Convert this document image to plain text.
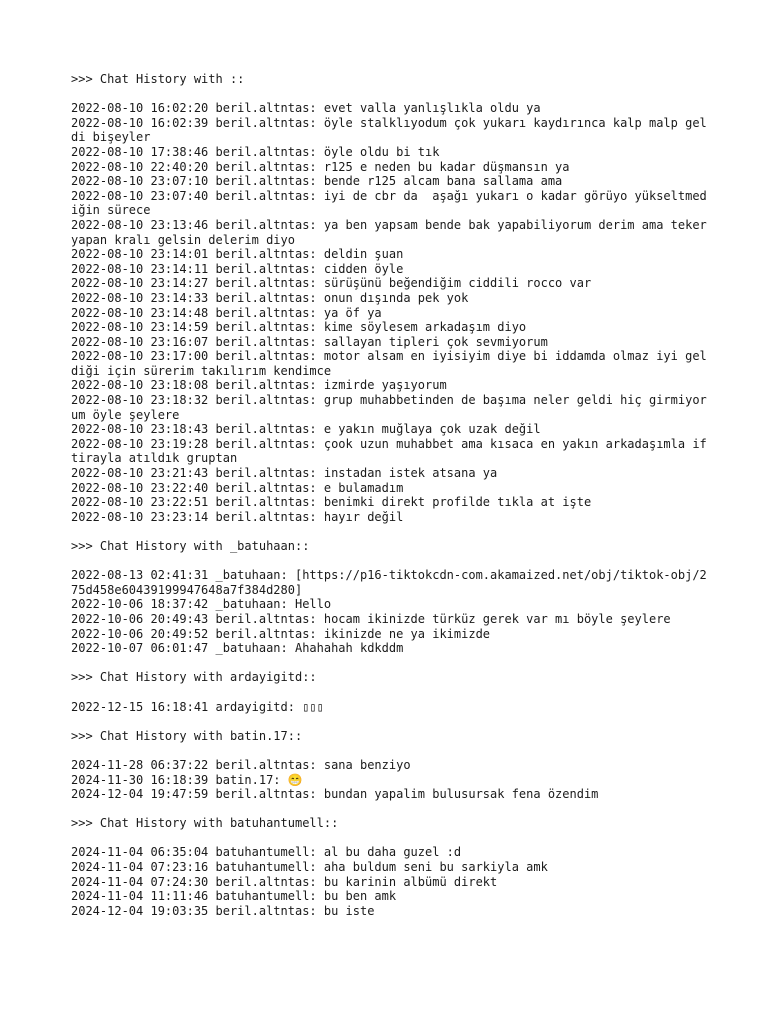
>>> Chat History with ::
2022-08-10 16:02:20 beril.altntas: evet valla yanlışlıkla oldu ya
2022-08-10 16:02:39 beril.altntas: öyle stalklıyodum çok yukarı kaydırınca kalp malp geldi bişeyler
2022-08-10 17:38:46 beril.altntas: öyle oldu bi tık
2022-08-10 22:40:20 beril.altntas: r125 e neden bu kadar düşmansın ya
2022-08-10 23:07:10 beril.altntas: bende r125 alcam bana sallama ama
2022-08-10 23:07:40 beril.altntas: iyi de cbr da  aşağı yukarı o kadar görüyo yükseltmediğin sürece
2022-08-10 23:13:46 beril.altntas: ya ben yapsam bende bak yapabiliyorum derim ama teker yapan kralı gelsin delerim diyo
2022-08-10 23:14:01 beril.altntas: deldin şuan
2022-08-10 23:14:11 beril.altntas: cidden öyle
2022-08-10 23:14:27 beril.altntas: sürüşünü beğendiğim ciddili rocco var
2022-08-10 23:14:33 beril.altntas: onun dışında pek yok
2022-08-10 23:14:48 beril.altntas: ya öf ya
2022-08-10 23:14:59 beril.altntas: kime söylesem arkadaşım diyo
2022-08-10 23:16:07 beril.altntas: sallayan tipleri çok sevmiyorum
2022-08-10 23:17:00 beril.altntas: motor alsam en iyisiyim diye bi iddamda olmaz iyi geldiği için sürerim takılırım kendimce
2022-08-10 23:18:08 beril.altntas: izmirde yaşıyorum
2022-08-10 23:18:32 beril.altntas: grup muhabbetinden de başıma neler geldi hiç girmiyorum öyle şeylere
2022-08-10 23:18:43 beril.altntas: e yakın muğlaya çok uzak değil
2022-08-10 23:19:28 beril.altntas: çook uzun muhabbet ama kısaca en yakın arkadaşımla iftirayla atıldık gruptan
2022-08-10 23:21:43 beril.altntas: instadan istek atsana ya
2022-08-10 23:22:40 beril.altntas: e bulamadım
2022-08-10 23:22:51 beril.altntas: benimki direkt profilde tıkla at işte
2022-08-10 23:23:14 beril.altntas: hayır değil
>>> Chat History with _batuhaan::
2022-08-13 02:41:31 _batuhaan: [https://p16-tiktokcdn-com.akamaized.net/obj/tiktok-obj/275d458e60439199947648a7f384d280]
2022-10-06 18:37:42 _batuhaan: Hello
2022-10-06 20:49:43 beril.altntas: hocam ikinizde türküz gerek var mı böyle şeylere
2022-10-06 20:49:52 beril.altntas: ikinizde ne ya ikimizde
2022-10-07 06:01:47 _batuhaan: Ahahahah kdkddm
>>> Chat History with ardayigitd::
2022-12-15 16:18:41 ardayigitd: ▯▯▯
>>> Chat History with batin.17::
2024-11-28 06:37:22 beril.altntas: sana benziyo
2024-11-30 16:18:39 batin.17: 😁
2024-12-04 19:47:59 beril.altntas: bundan yapalim bulusursak fena özendim
>>> Chat History with batuhantumell::
2024-11-04 06:35:04 batuhantumell: al bu daha guzel :d
2024-11-04 07:23:16 batuhantumell: aha buldum seni bu sarkiyla amk
2024-11-04 07:24:30 beril.altntas: bu karinin albümü direkt
2024-11-04 11:11:46 batuhantumell: bu ben amk
2024-12-04 19:03:35 beril.altntas: bu iste
